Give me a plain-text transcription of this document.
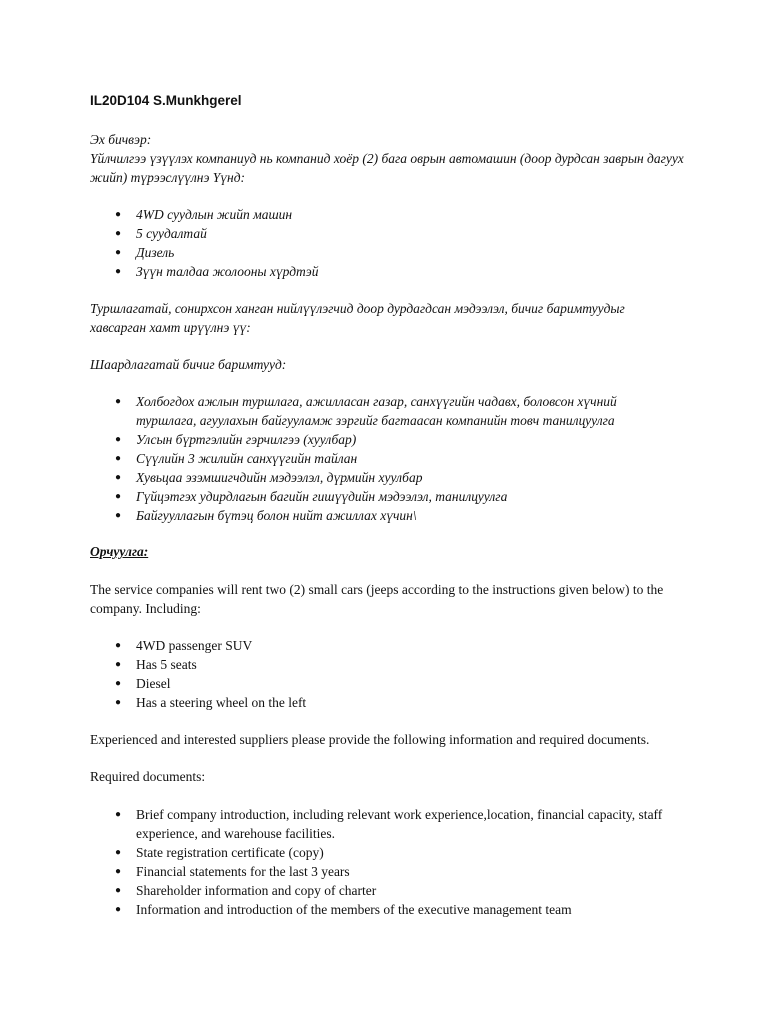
IL20D104 S.Munkhgerel

Эх бичвэр:

Үйлчилгээ үзүүлэх компаниуд нь компанид хоёр (2) бага оврын автомашин (доор дурдсан заврын дагуух жийп) түрээслүүлнэ Үүнд:

● 4WD суудлын жийп машин
● 5 суудалтай
● Дизель
● Зүүн талдаа жолооны хүрдтэй

Туршлагатай, сонирхсон ханган нийлүүлэгчид доор дурдагдсан мэдээлэл, бичиг баримтуудыг хавсарган хамт ирүүлнэ үү:

Шаардлагатай бичиг баримтууд:

● Холбогдох ажлын туршлага, ажилласан газар, санхүүгийн чадавх, боловсон хүчний туршлага, агуулахын байгууламж зэргийг багтаасан компанийн товч танилцуулга
● Улсын бүртгэлийн гэрчилгээ (хуулбар)
● Сүүлийн 3 жилийн санхүүгийн тайлан
● Хувьцаа эзэмшигчдийн мэдээлэл, дүрмийн хуулбар
● Гүйцэтгэх удирдлагын багийн гишүүдийн мэдээлэл, танилцуулга
● Байгууллагын бүтэц болон нийт ажиллах хүчин\

Орчуулга:

The service companies will rent two (2) small cars (jeeps according to the instructions given below) to the company. Including:

● 4WD passenger SUV
● Has 5 seats
● Diesel
● Has a steering wheel on the left

Experienced and interested suppliers please provide the following information and required documents.

Required documents:

● Brief company introduction, including relevant work experience,location, financial capacity, staff experience, and warehouse facilities.
● State registration certificate (copy)
● Financial statements for the last 3 years
● Shareholder information and copy of charter
● Information and introduction of the members of the executive management team
